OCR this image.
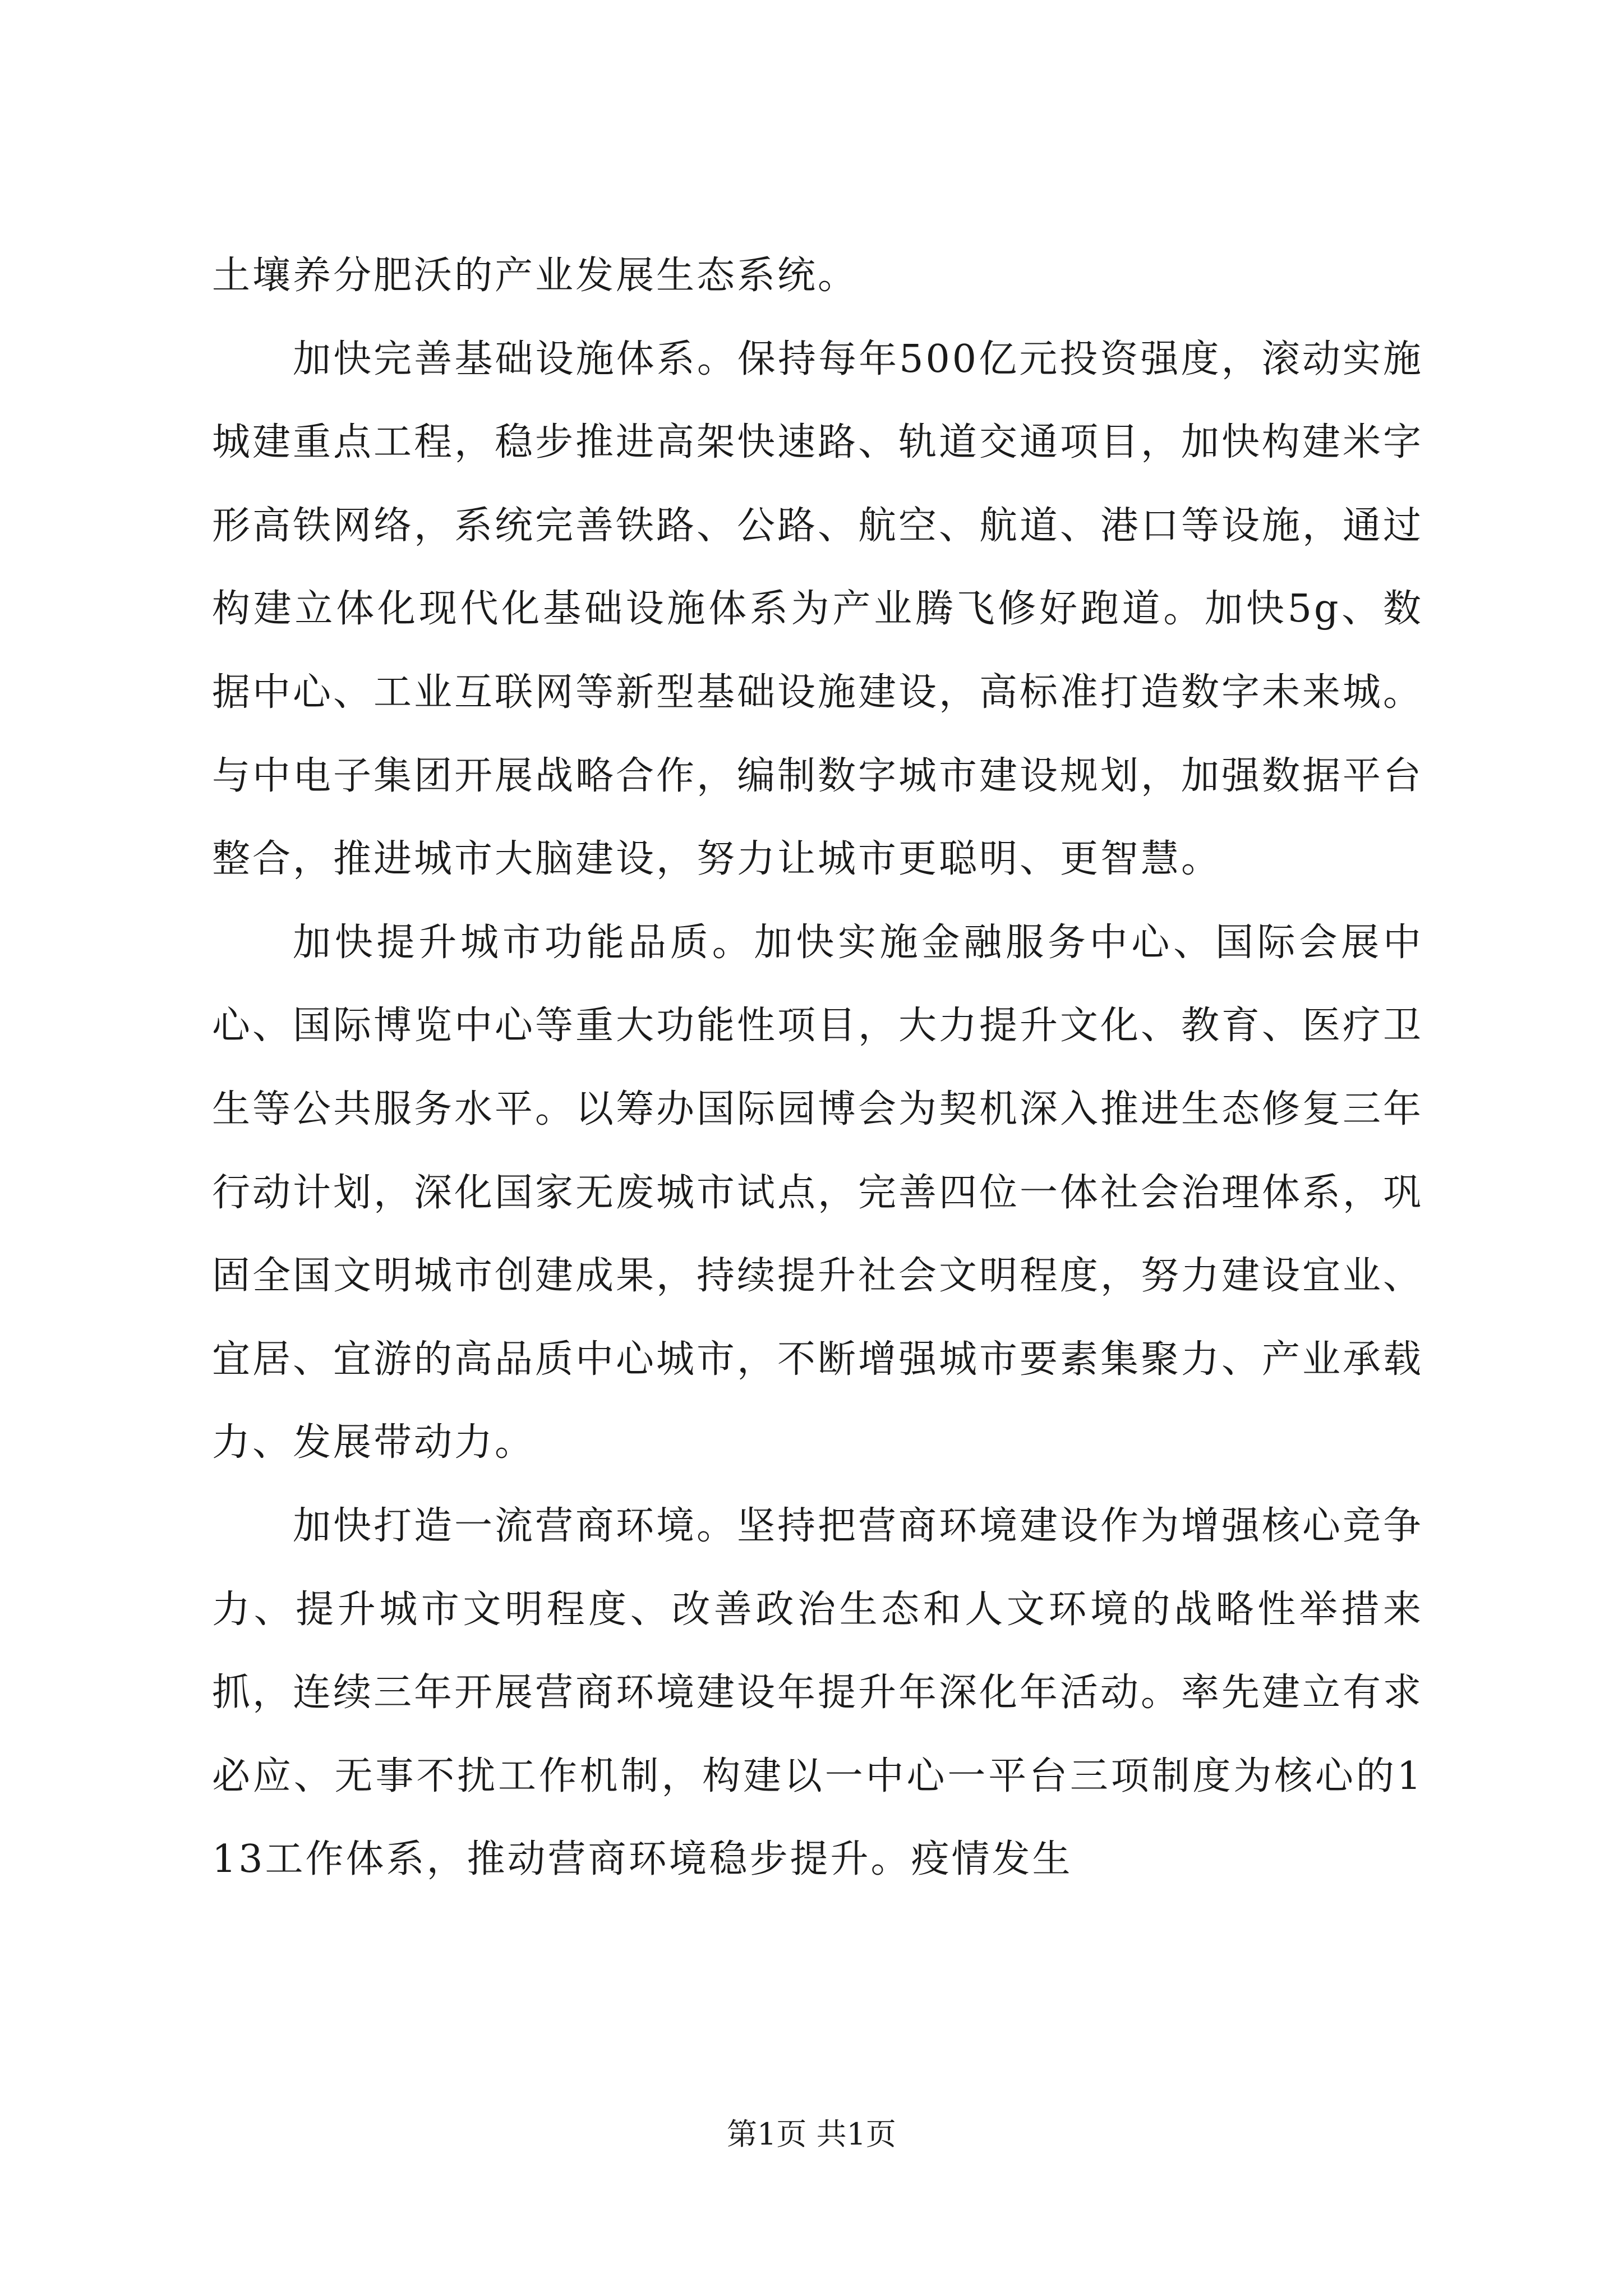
土壤养分肥沃的产业发展生态系统。

加快完善基础设施体系。保持每年500亿元投资强度，滚动实施城建重点工程，稳步推进高架快速路、轨道交通项目，加快构建米字形高铁网络，系统完善铁路、公路、航空、航道、港口等设施，通过构建立体化现代化基础设施体系为产业腾飞修好跑道。加快5g、数据中心、工业互联网等新型基础设施建设，高标准打造数字未来城。与中电子集团开展战略合作，编制数字城市建设规划，加强数据平台整合，推进城市大脑建设，努力让城市更聪明、更智慧。

加快提升城市功能品质。加快实施金融服务中心、国际会展中心、国际博览中心等重大功能性项目，大力提升文化、教育、医疗卫生等公共服务水平。以筹办国际园博会为契机深入推进生态修复三年行动计划，深化国家无废城市试点，完善四位一体社会治理体系，巩固全国文明城市创建成果，持续提升社会文明程度，努力建设宜业、宜居、宜游的高品质中心城市，不断增强城市要素集聚力、产业承载力、发展带动力。

加快打造一流营商环境。坚持把营商环境建设作为增强核心竞争力、提升城市文明程度、改善政治生态和人文环境的战略性举措来抓，连续三年开展营商环境建设年提升年深化年活动。率先建立有求必应、无事不扰工作机制，构建以一中心一平台三项制度为核心的113工作体系，推动营商环境稳步提升。疫情发生

第1页 共1页
